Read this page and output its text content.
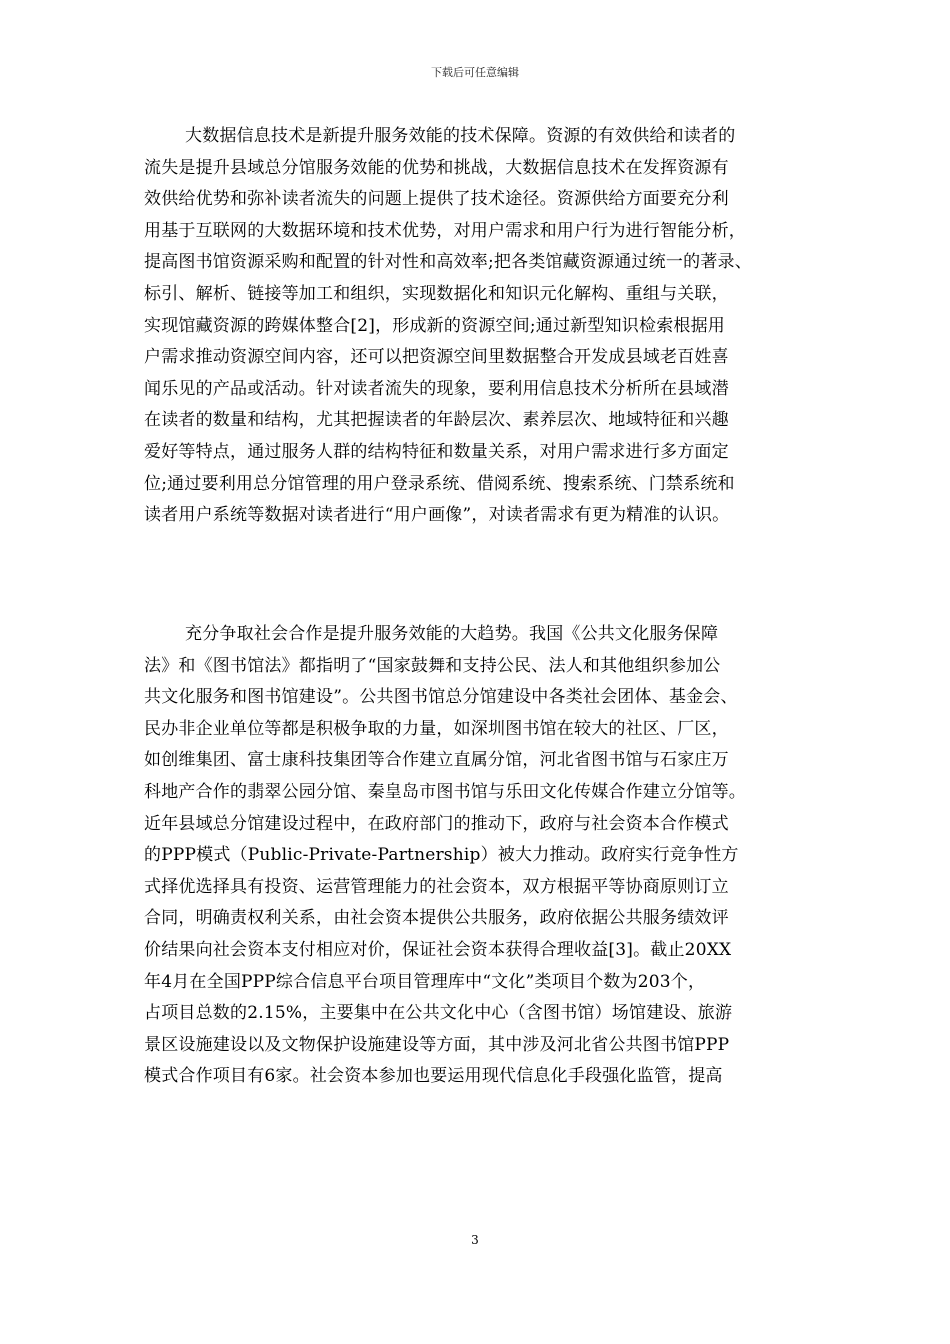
下载后可任意编辑
大数据信息技术是新提升服务效能的技术保障。资源的有效供给和读者的
流失是提升县域总分馆服务效能的优势和挑战，大数据信息技术在发挥资源有
效供给优势和弥补读者流失的问题上提供了技术途径。资源供给方面要充分利
用基于互联网的大数据环境和技术优势，对用户需求和用户行为进行智能分析，
提高图书馆资源采购和配置的针对性和高效率;把各类馆藏资源通过统一的著录、
标引、解析、链接等加工和组织，实现数据化和知识元化解构、重组与关联，
实现馆藏资源的跨媒体整合[2]，形成新的资源空间;通过新型知识检索根据用
户需求推动资源空间内容，还可以把资源空间里数据整合开发成县域老百姓喜
闻乐见的产品或活动。针对读者流失的现象，要利用信息技术分析所在县域潜
在读者的数量和结构，尤其把握读者的年龄层次、素养层次、地域特征和兴趣
爱好等特点，通过服务人群的结构特征和数量关系，对用户需求进行多方面定
位;通过要利用总分馆管理的用户登录系统、借阅系统、搜索系统、门禁系统和
读者用户系统等数据对读者进行“用户画像”，对读者需求有更为精准的认识。
充分争取社会合作是提升服务效能的大趋势。我国《公共文化服务保障
法》和《图书馆法》都指明了“国家鼓舞和支持公民、法人和其他组织参加公
共文化服务和图书馆建设”。公共图书馆总分馆建设中各类社会团体、基金会、
民办非企业单位等都是积极争取的力量，如深圳图书馆在较大的社区、厂区，
如创维集团、富士康科技集团等合作建立直属分馆，河北省图书馆与石家庄万
科地产合作的翡翠公园分馆、秦皇岛市图书馆与乐田文化传媒合作建立分馆等。
近年县域总分馆建设过程中，在政府部门的推动下，政府与社会资本合作模式
的PPP模式（Public-Private-Partnership）被大力推动。政府实行竞争性方
式择优选择具有投资、运营管理能力的社会资本，双方根据平等协商原则订立
合同，明确责权利关系，由社会资本提供公共服务，政府依据公共服务绩效评
价结果向社会资本支付相应对价，保证社会资本获得合理收益[3]。截止20XX
年4月在全国PPP综合信息平台项目管理库中“文化”类项目个数为203个，
占项目总数的2.15%，主要集中在公共文化中心（含图书馆）场馆建设、旅游
景区设施建设以及文物保护设施建设等方面，其中涉及河北省公共图书馆PPP
模式合作项目有6家。社会资本参加也要运用现代信息化手段强化监管，提高
3
